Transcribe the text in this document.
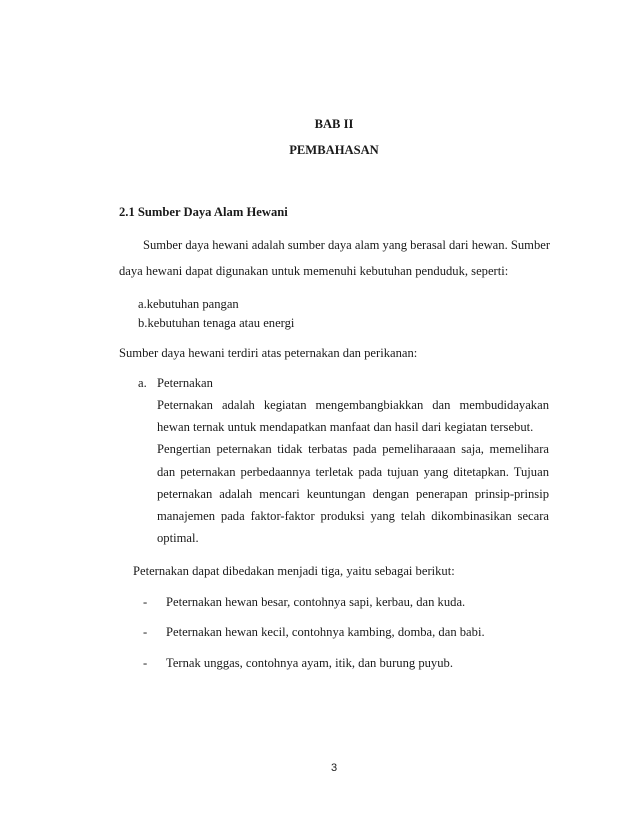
BAB II
PEMBAHASAN
2.1 Sumber Daya Alam Hewani
Sumber daya hewani adalah sumber daya alam yang berasal dari hewan. Sumber
daya hewani dapat digunakan untuk memenuhi kebutuhan penduduk, seperti:
a.kebutuhan pangan
b.kebutuhan tenaga atau energi
Sumber daya hewani terdiri atas peternakan dan perikanan:
a. Peternakan
Peternakan adalah kegiatan mengembangbiakkan dan membudidayakan
hewan ternak untuk mendapatkan manfaat dan hasil dari kegiatan tersebut.
Pengertian peternakan tidak terbatas pada pemeliharaaan saja, memelihara
dan peternakan perbedaannya terletak pada tujuan yang ditetapkan. Tujuan
peternakan adalah mencari keuntungan dengan penerapan prinsip-prinsip
manajemen pada faktor-faktor produksi yang telah dikombinasikan secara
optimal.
Peternakan dapat dibedakan menjadi tiga, yaitu sebagai berikut:
- Peternakan hewan besar, contohnya sapi, kerbau, dan kuda.
- Peternakan hewan kecil, contohnya kambing, domba, dan babi.
- Ternak unggas, contohnya ayam, itik, dan burung puyub.
3
